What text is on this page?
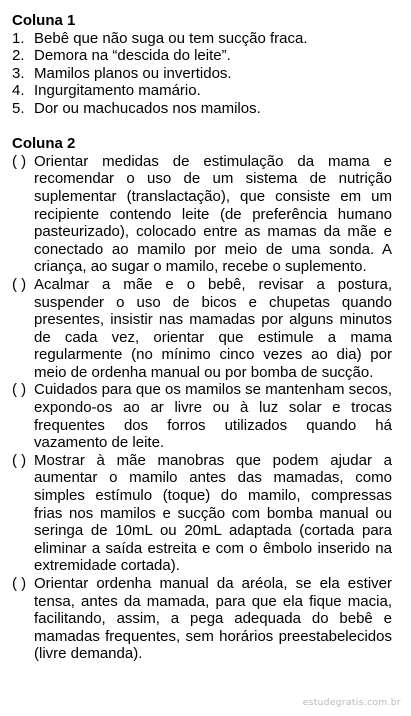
Coluna 1

1. Bebê que não suga ou tem sucção fraca.
2. Demora na “descida do leite”.
3. Mamilos planos ou invertidos.
4. Ingurgitamento mamário.
5. Dor ou machucados nos mamilos.

Coluna 2

( ) Orientar medidas de estimulação da mama e recomendar o uso de um sistema de nutrição suplementar (translactação), que consiste em um recipiente contendo leite (de preferência humano pasteurizado), colocado entre as mamas da mãe e conectado ao mamilo por meio de uma sonda. A criança, ao sugar o mamilo, recebe o suplemento.
( ) Acalmar a mãe e o bebê, revisar a postura, suspender o uso de bicos e chupetas quando presentes, insistir nas mamadas por alguns minutos de cada vez, orientar que estimule a mama regularmente (no mínimo cinco vezes ao dia) por meio de ordenha manual ou por bomba de sucção.
( ) Cuidados para que os mamilos se mantenham secos, expondo-os ao ar livre ou à luz solar e trocas frequentes dos forros utilizados quando há vazamento de leite.
( ) Mostrar à mãe manobras que podem ajudar a aumentar o mamilo antes das mamadas, como simples estímulo (toque) do mamilo, compressas frias nos mamilos e sucção com bomba manual ou seringa de 10mL ou 20mL adaptada (cortada para eliminar a saída estreita e com o êmbolo inserido na extremidade cortada).
( ) Orientar ordenha manual da aréola, se ela estiver tensa, antes da mamada, para que ela fique macia, facilitando, assim, a pega adequada do bebê e mamadas frequentes, sem horários preestabelecidos (livre demanda).
estudegratis.com.br
